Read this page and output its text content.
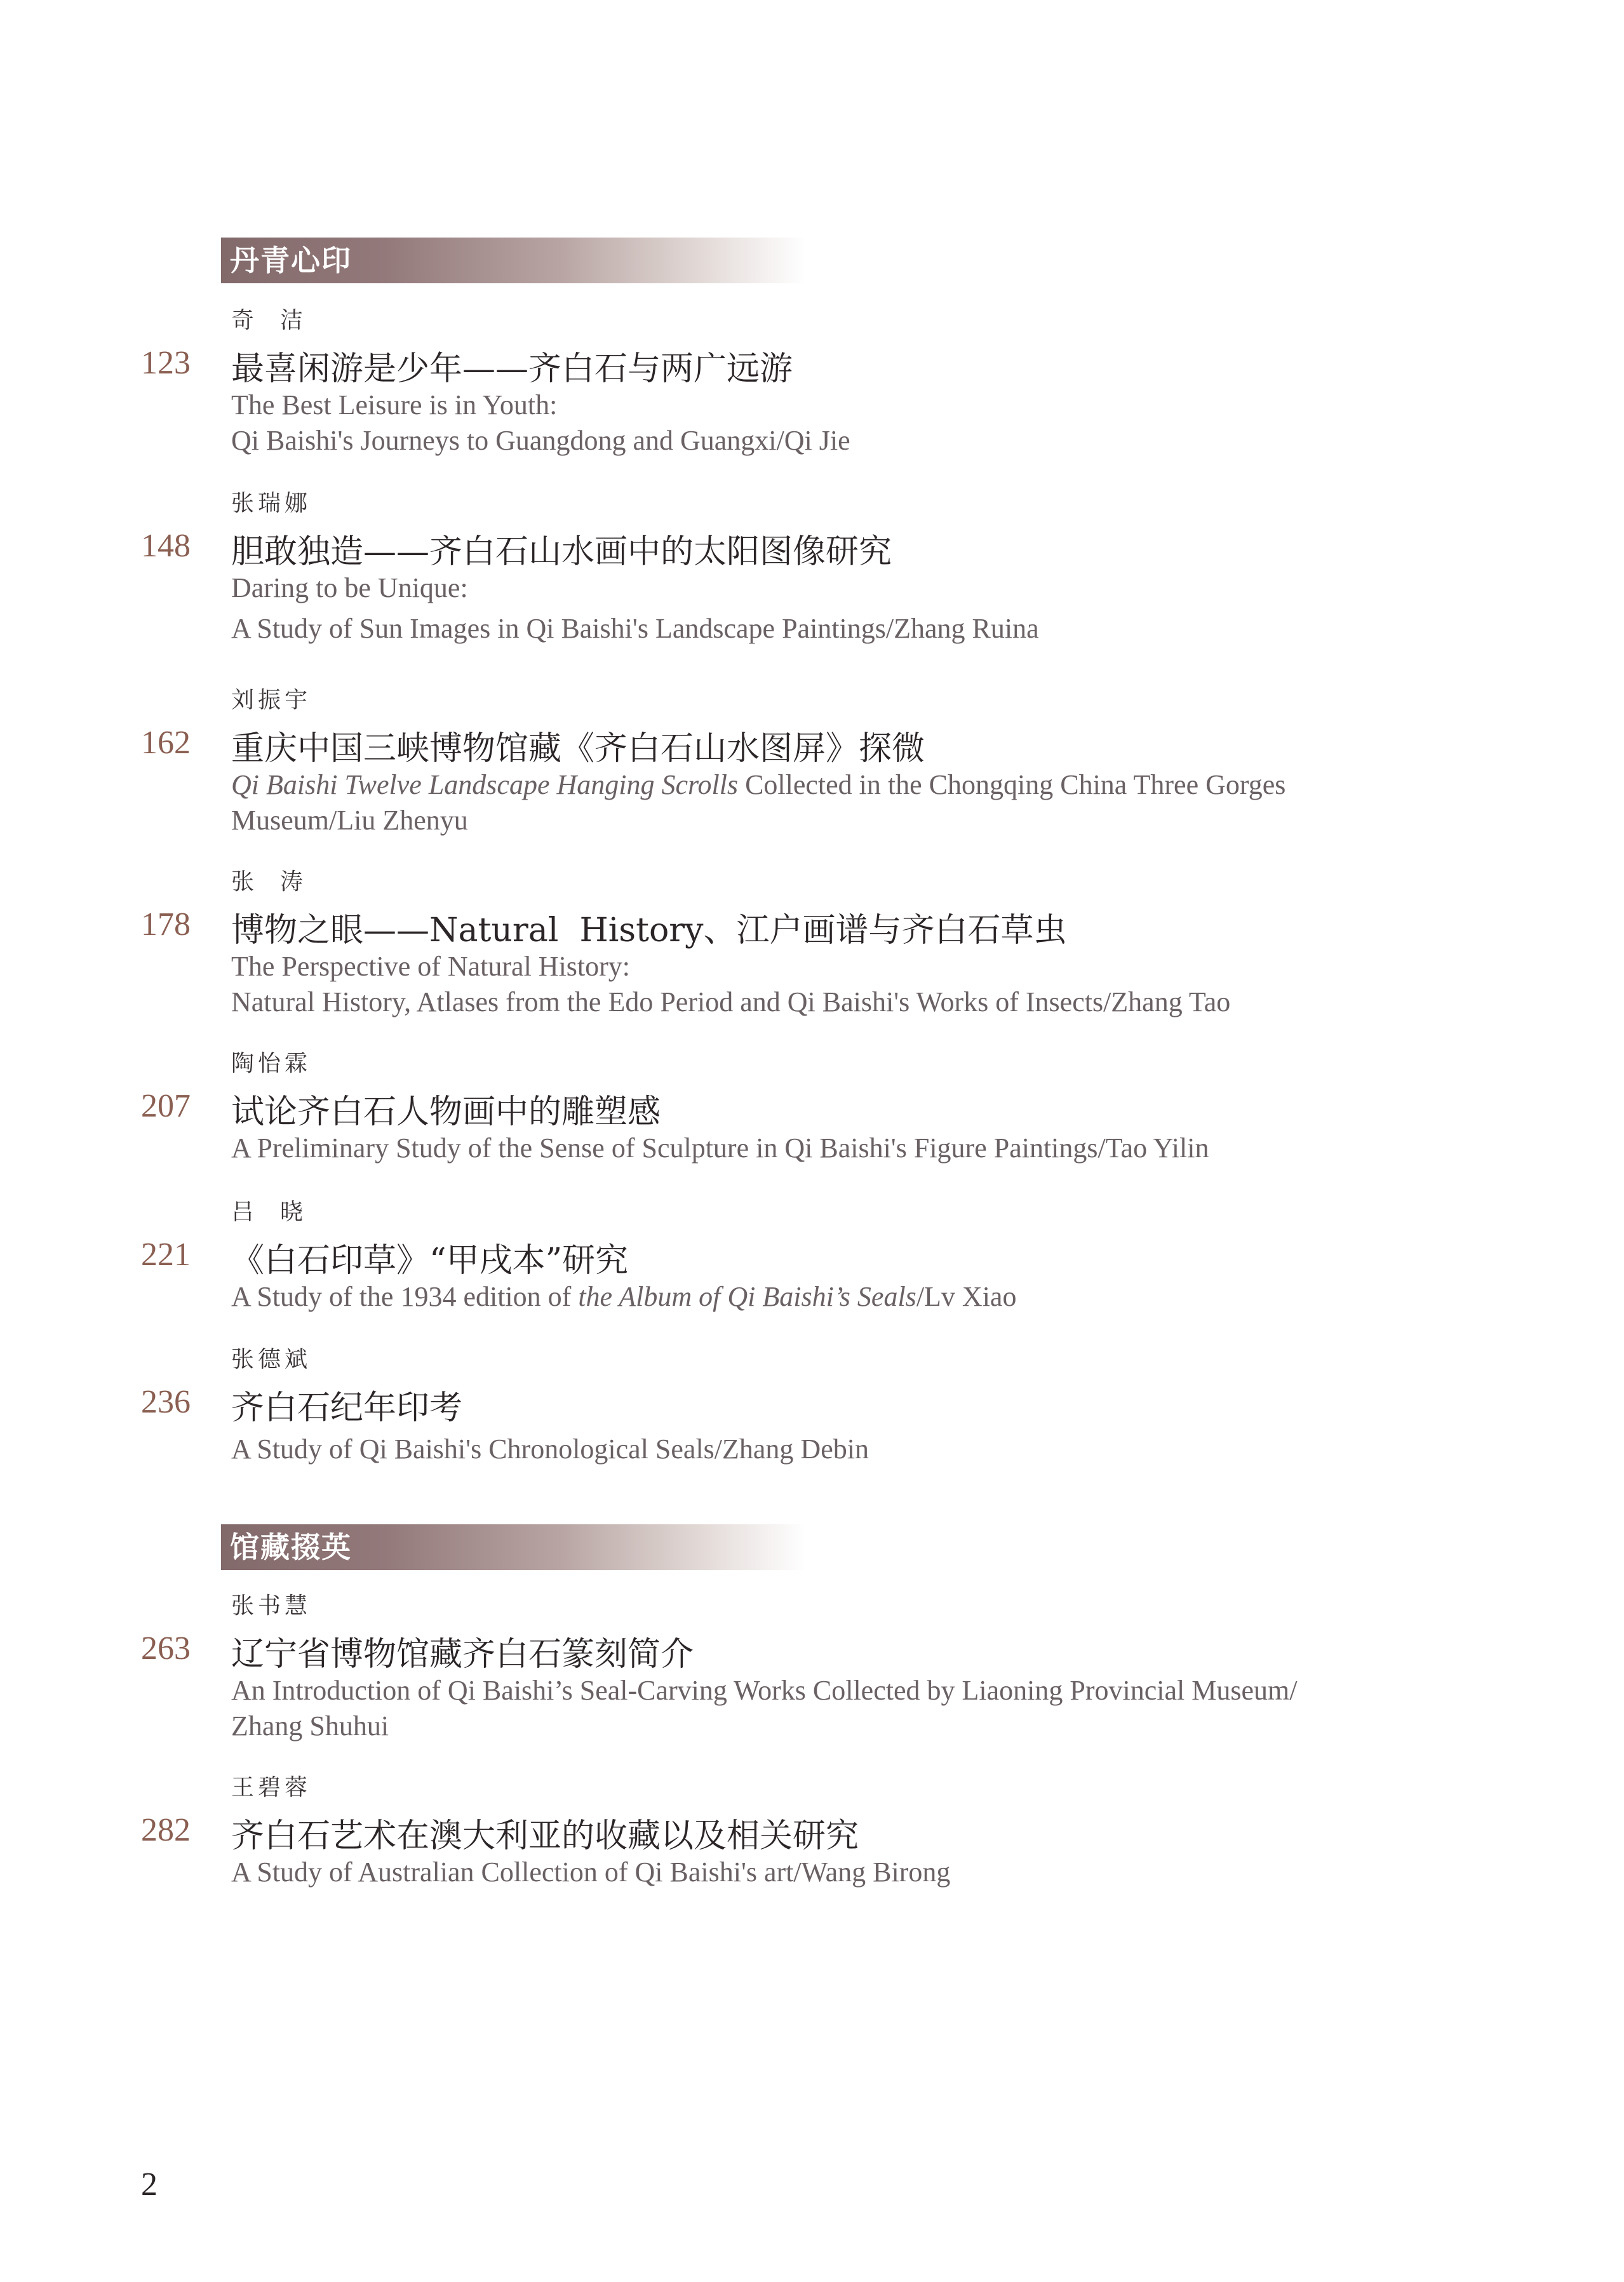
丹青心印
奇  洁
123	最喜闲游是少年——齐白石与两广远游
The Best Leisure is in Youth:
Qi Baishi's Journeys to Guangdong and Guangxi/Qi Jie
张瑞娜
148	胆敢独造——齐白石山水画中的太阳图像研究
Daring to be Unique:
A Study of Sun Images in Qi Baishi's Landscape Paintings/Zhang Ruina
刘振宇
162	重庆中国三峡博物馆藏《齐白石山水图屏》探微
Qi Baishi Twelve Landscape Hanging Scrolls Collected in the Chongqing China Three Gorges
Museum/Liu Zhenyu
张  涛
178	博物之眼——Natural  History、江户画谱与齐白石草虫
The Perspective of Natural History:
Natural History, Atlases from the Edo Period and Qi Baishi's Works of Insects/Zhang Tao
陶怡霖
207	试论齐白石人物画中的雕塑感
A Preliminary Study of the Sense of Sculpture in Qi Baishi's Figure Paintings/Tao Yilin
吕  晓
221	《白石印草》“甲戌本”研究
A Study of the 1934 edition of the Album of Qi Baishi’s Seals/Lv Xiao
张德斌
236	齐白石纪年印考
A Study of Qi Baishi's Chronological Seals/Zhang Debin
馆藏掇英
张书慧
263	辽宁省博物馆藏齐白石篆刻简介
An Introduction of Qi Baishi’s Seal-Carving Works Collected by Liaoning Provincial Museum/
Zhang Shuhui
王碧蓉
282	齐白石艺术在澳大利亚的收藏以及相关研究
A Study of Australian Collection of Qi Baishi's art/Wang Birong
2
